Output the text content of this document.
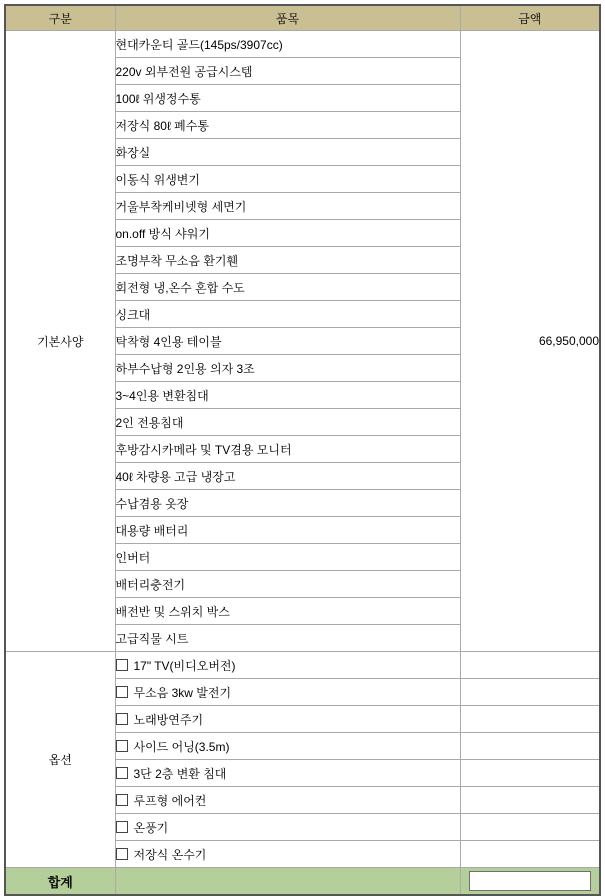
구분	품목	금액
기본사양	현대카운티 골드(145ps/3907cc)	66,950,000
	220v 외부전원 공급시스템	
	100ℓ 위생정수통	
	저장식 80ℓ 폐수통	
	화장실	
	이동식 위생변기	
	거울부착케비넷형 세면기	
	on.off 방식 샤워기	
	조명부착 무소음 환기휀	
	회전형 냉,온수 혼합 수도	
	싱크대	
	탁착형 4인용 테이블	
	하부수납형 2인용 의자 3조	
	3~4인용 변환침대	
	2인 전용침대	
	후방감시카메라 및 TV겸용 모니터	
	40ℓ 차량용 고급 냉장고	
	수납겸용 옷장	
	대용량 배터리	
	인버터	
	배터리충전기	
	배전반 및 스위치 박스	
	고급직물 시트	
옵션	17" TV(비디오버전)	
	무소음 3kw 발전기	
	노래방연주기	
	사이드 어닝(3.5m)	
	3단 2층 변환 침대	
	루프형 에어컨	
	온풍기	
	저장식 온수기	
합계		
